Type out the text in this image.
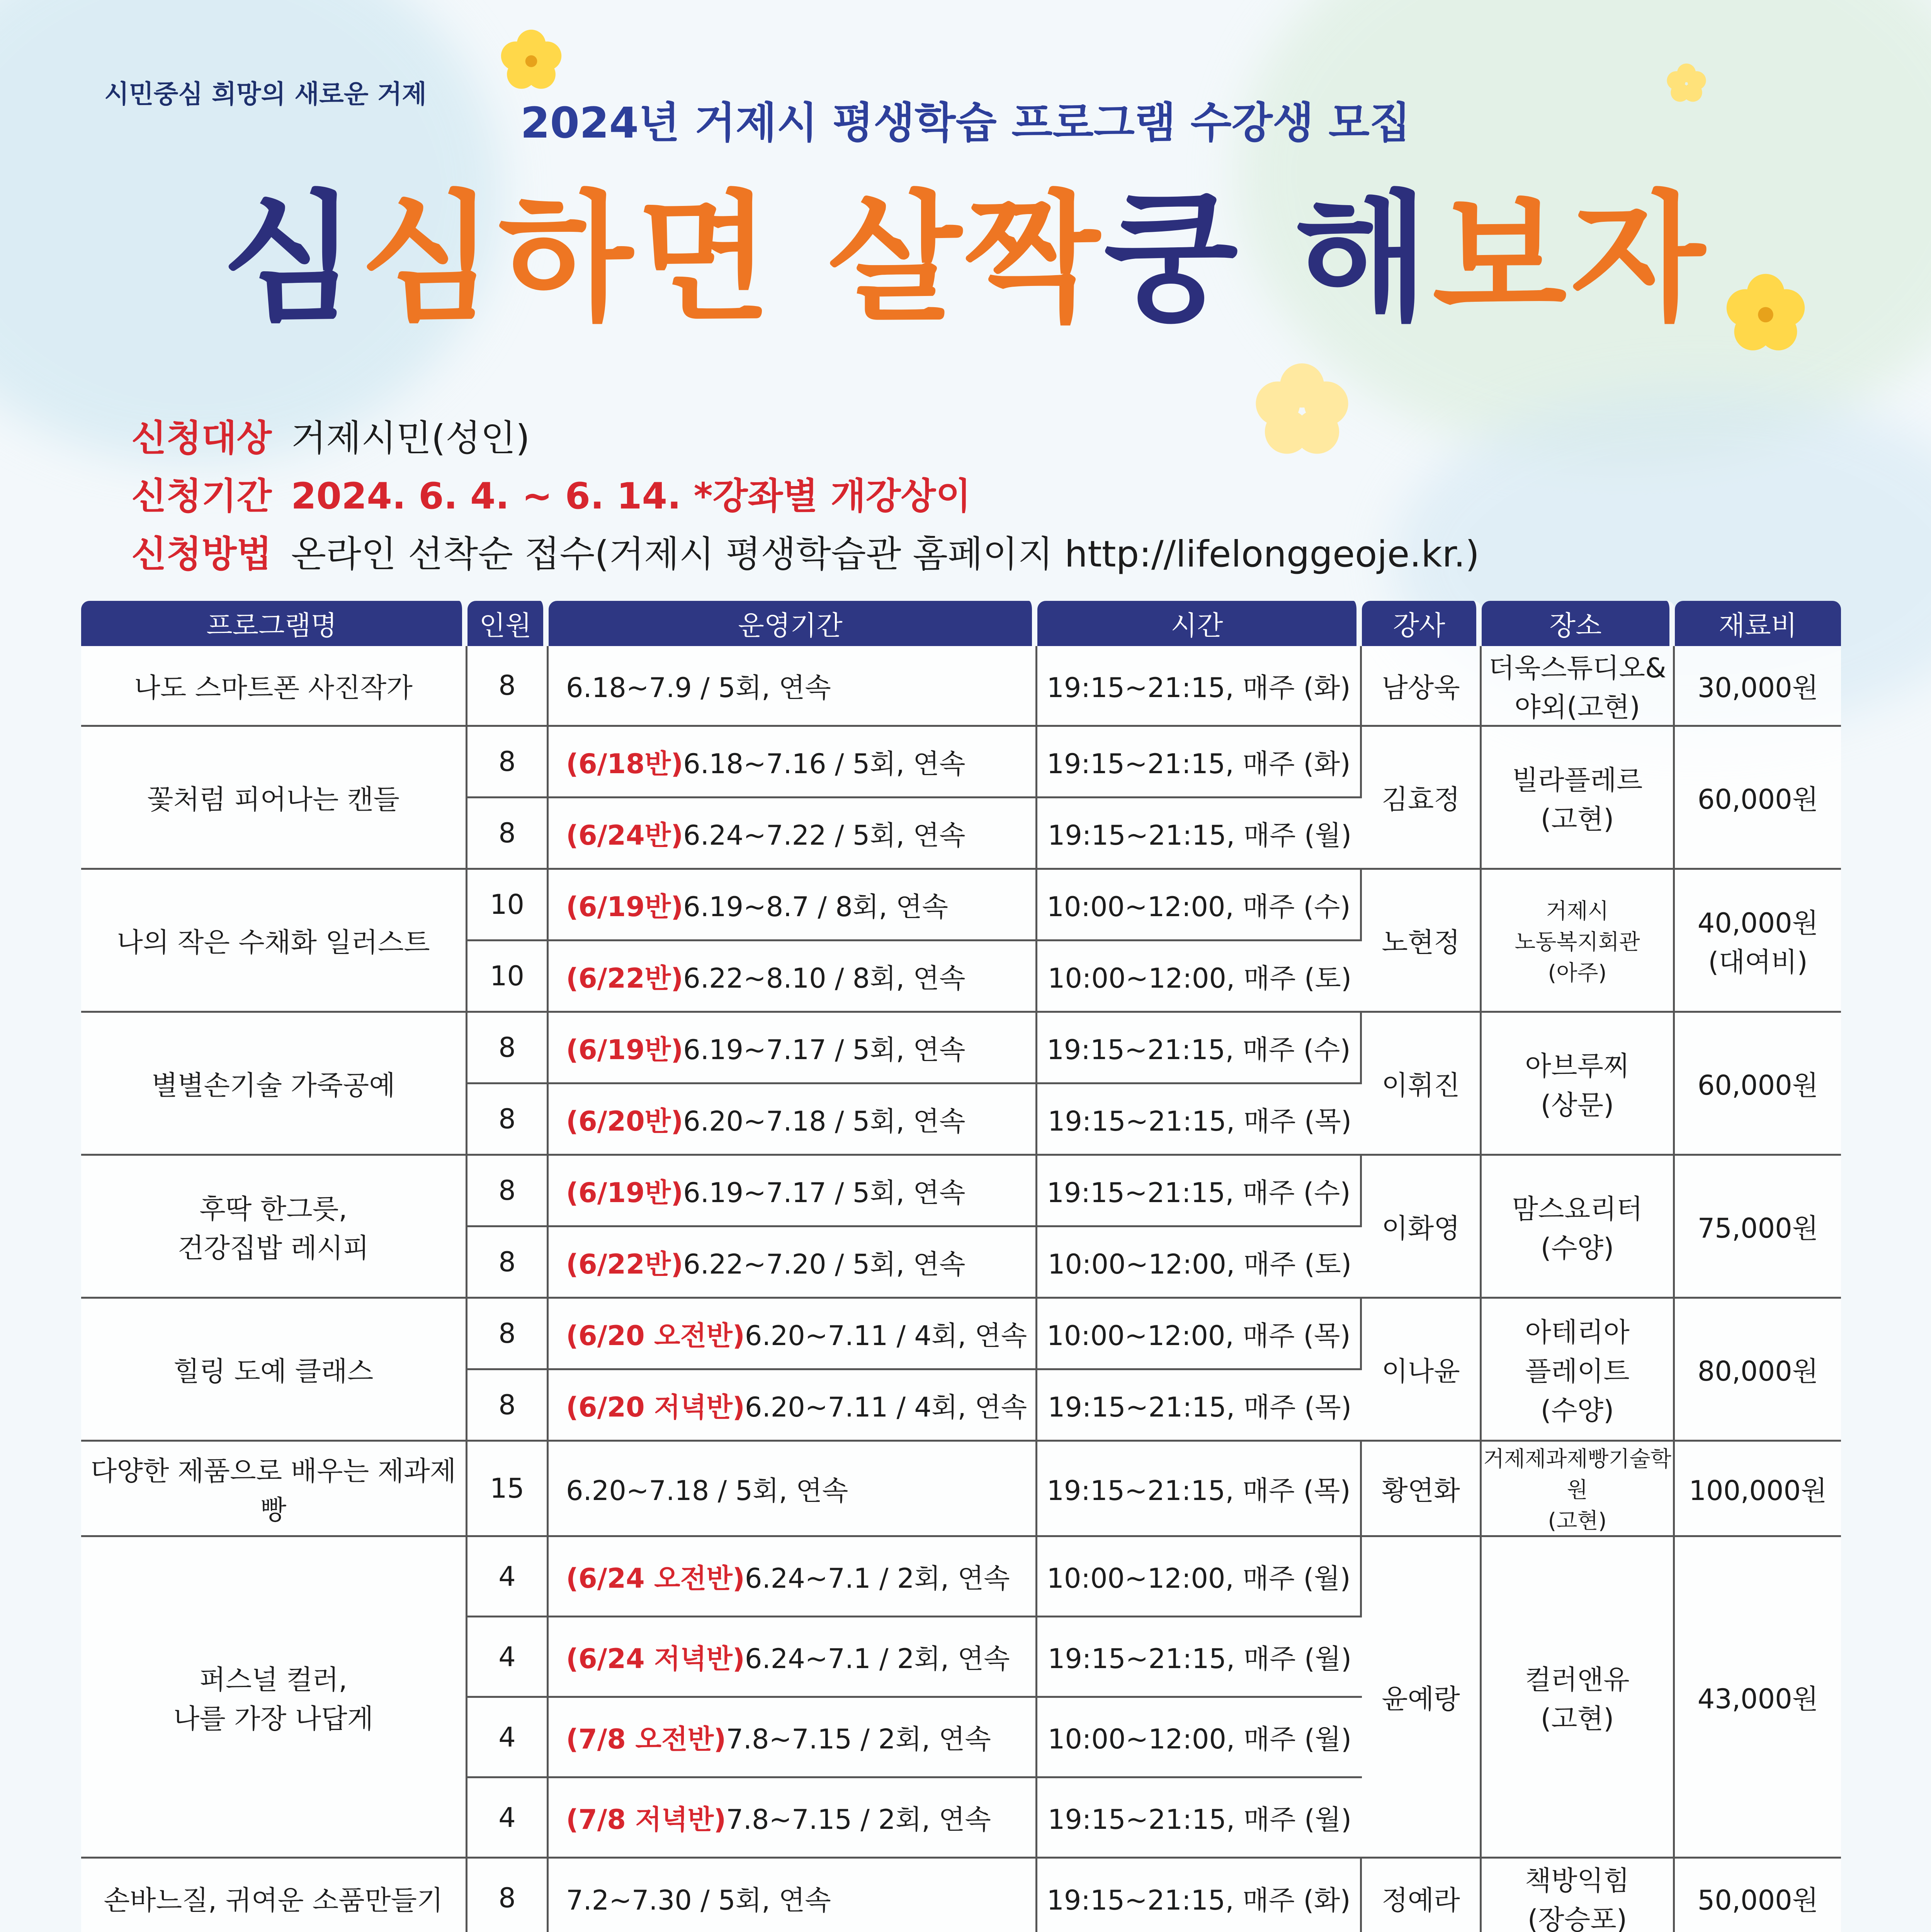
시민중심 희망의 새로운 거제
2024년 거제시 평생학습 프로그램 수강생 모집
심심하면 살짝쿵 해보자
신청대상 거제시민(성인)
신청기간 2024. 6. 4. ~ 6. 14. *강좌별 개강상이
신청방법 온라인 선착순 접수(거제시 평생학습관 홈페이지 http://lifelonggeoje.kr.)
프로그램명	인원	운영기간	시간	강사	장소	재료비
나도 스마트폰 사진작가	8	6.18~7.9 / 5회, 연속	19:15~21:15, 매주 (화)	남상욱	더욱스튜디오&
야외(고현)	30,000원
꽃처럼 피어나는 캔들	8	(6/18반)6.18~7.16 / 5회, 연속	19:15~21:15, 매주 (화)	김효정	빌라플레르
(고현)	60,000원
	8	(6/24반)6.24~7.22 / 5회, 연속	19:15~21:15, 매주 (월)			
나의 작은 수채화 일러스트	10	(6/19반)6.19~8.7 / 8회, 연속	10:00~12:00, 매주 (수)	노현정	거제시
노동복지회관
(아주)	40,000원
(대여비)
	10	(6/22반)6.22~8.10 / 8회, 연속	10:00~12:00, 매주 (토)			
별별손기술 가죽공예	8	(6/19반)6.19~7.17 / 5회, 연속	19:15~21:15, 매주 (수)	이휘진	아브루찌
(상문)	60,000원
	8	(6/20반)6.20~7.18 / 5회, 연속	19:15~21:15, 매주 (목)			
후딱 한그릇,
건강집밥 레시피	8	(6/19반)6.19~7.17 / 5회, 연속	19:15~21:15, 매주 (수)	이화영	맘스요리터
(수양)	75,000원
	8	(6/22반)6.22~7.20 / 5회, 연속	10:00~12:00, 매주 (토)			
힐링 도예 클래스	8	(6/20 오전반)6.20~7.11 / 4회, 연속	10:00~12:00, 매주 (목)	이나윤	아테리아
플레이트
(수양)	80,000원
	8	(6/20 저녁반)6.20~7.11 / 4회, 연속	19:15~21:15, 매주 (목)			
다양한 제품으로 배우는 제과제빵	15	6.20~7.18 / 5회, 연속	19:15~21:15, 매주 (목)	황연화	거제제과제빵기술학원
(고현)	100,000원
퍼스널 컬러,
나를 가장 나답게	4	(6/24 오전반)6.24~7.1 / 2회, 연속	10:00~12:00, 매주 (월)	윤예랑	컬러앤유
(고현)	43,000원
	4	(6/24 저녁반)6.24~7.1 / 2회, 연속	19:15~21:15, 매주 (월)			
	4	(7/8 오전반)7.8~7.15 / 2회, 연속	10:00~12:00, 매주 (월)			
	4	(7/8 저녁반)7.8~7.15 / 2회, 연속	19:15~21:15, 매주 (월)			
손바느질, 귀여운 소품만들기	8	7.2~7.30 / 5회, 연속	19:15~21:15, 매주 (화)	정예라	책방익힘
(장승포)	50,000원
